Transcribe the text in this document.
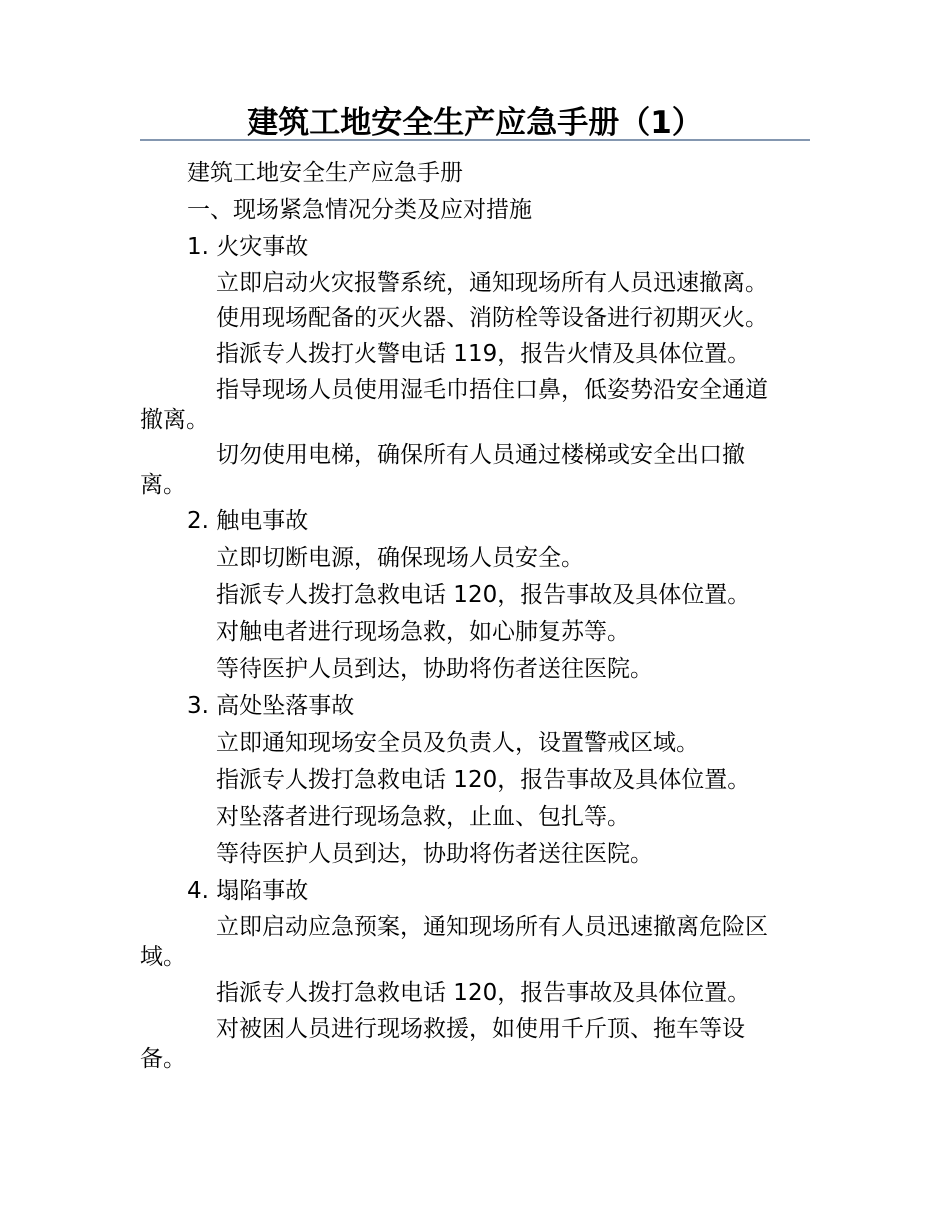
建筑工地安全生产应急手册（1）
建筑工地安全生产应急手册
一、现场紧急情况分类及应对措施
1. 火灾事故
立即启动火灾报警系统，通知现场所有人员迅速撤离。
使用现场配备的灭火器、消防栓等设备进行初期灭火。
指派专人拨打火警电话 119，报告火情及具体位置。
指导现场人员使用湿毛巾捂住口鼻，低姿势沿安全通道撤离。
切勿使用电梯，确保所有人员通过楼梯或安全出口撤离。
2. 触电事故
立即切断电源，确保现场人员安全。
指派专人拨打急救电话 120，报告事故及具体位置。
对触电者进行现场急救，如心肺复苏等。
等待医护人员到达，协助将伤者送往医院。
3. 高处坠落事故
立即通知现场安全员及负责人，设置警戒区域。
指派专人拨打急救电话 120，报告事故及具体位置。
对坠落者进行现场急救，止血、包扎等。
等待医护人员到达，协助将伤者送往医院。
4. 塌陷事故
立即启动应急预案，通知现场所有人员迅速撤离危险区域。
指派专人拨打急救电话 120，报告事故及具体位置。
对被困人员进行现场救援，如使用千斤顶、拖车等设备。
